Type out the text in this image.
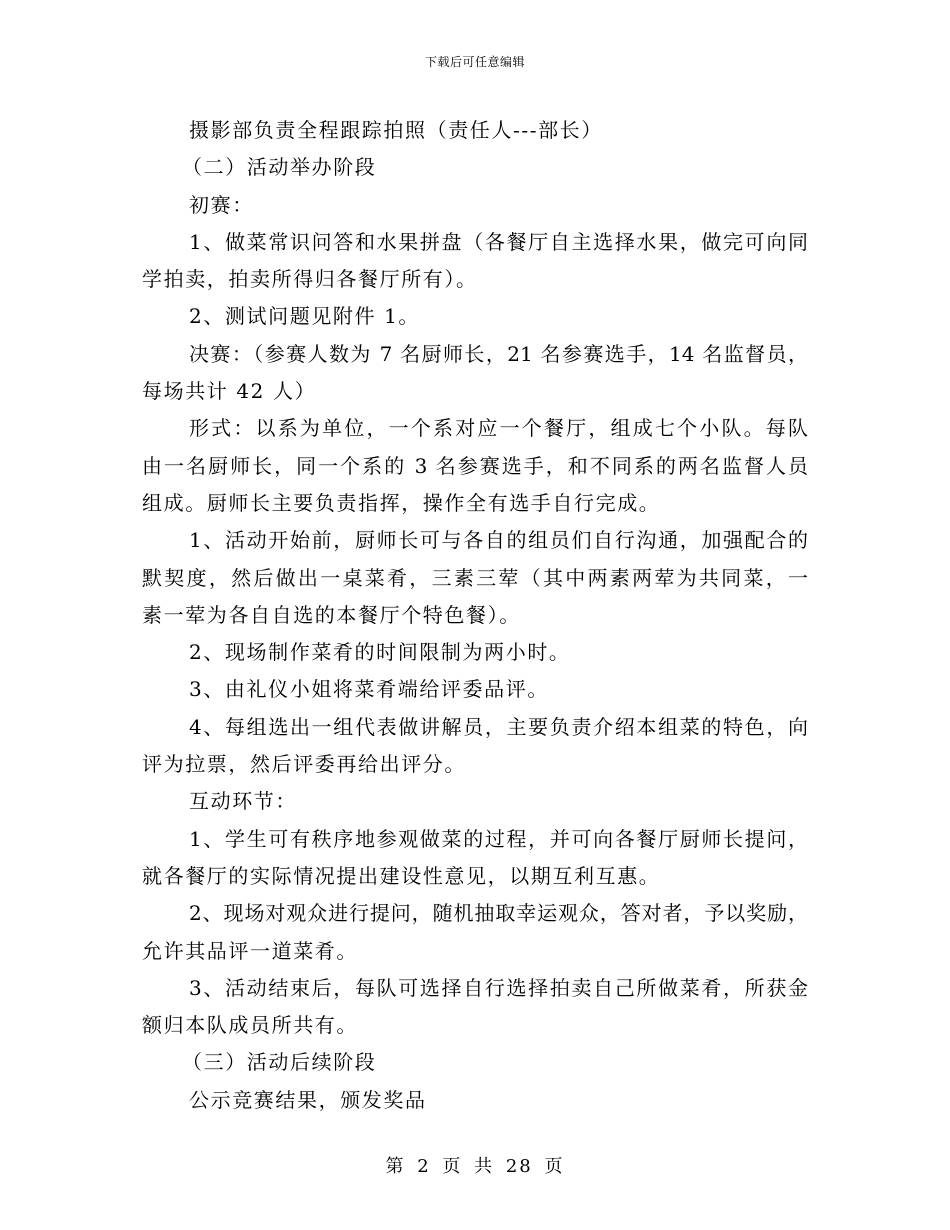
下载后可任意编辑
摄影部负责全程跟踪拍照（责任人---部长）
（二）活动举办阶段
初赛：
1、做菜常识问答和水果拼盘（各餐厅自主选择水果，做完可向同
学拍卖，拍卖所得归各餐厅所有）。
2、测试问题见附件 1。
决赛：（参赛人数为 7 名厨师长，21 名参赛选手，14 名监督员，
每场共计 42 人）
形式：以系为单位，一个系对应一个餐厅，组成七个小队。每队
由一名厨师长，同一个系的 3 名参赛选手，和不同系的两名监督人员
组成。厨师长主要负责指挥，操作全有选手自行完成。
1、活动开始前，厨师长可与各自的组员们自行沟通，加强配合的
默契度，然后做出一桌菜肴，三素三荤（其中两素两荤为共同菜，一
素一荤为各自自选的本餐厅个特色餐）。
2、现场制作菜肴的时间限制为两小时。
3、由礼仪小姐将菜肴端给评委品评。
4、每组选出一组代表做讲解员，主要负责介绍本组菜的特色，向
评为拉票，然后评委再给出评分。
互动环节：
1、学生可有秩序地参观做菜的过程，并可向各餐厅厨师长提问，
就各餐厅的实际情况提出建设性意见，以期互利互惠。
2、现场对观众进行提问，随机抽取幸运观众，答对者，予以奖励，
允许其品评一道菜肴。
3、活动结束后，每队可选择自行选择拍卖自己所做菜肴，所获金
额归本队成员所共有。
（三）活动后续阶段
公示竞赛结果，颁发奖品
第 2 页 共 28 页
